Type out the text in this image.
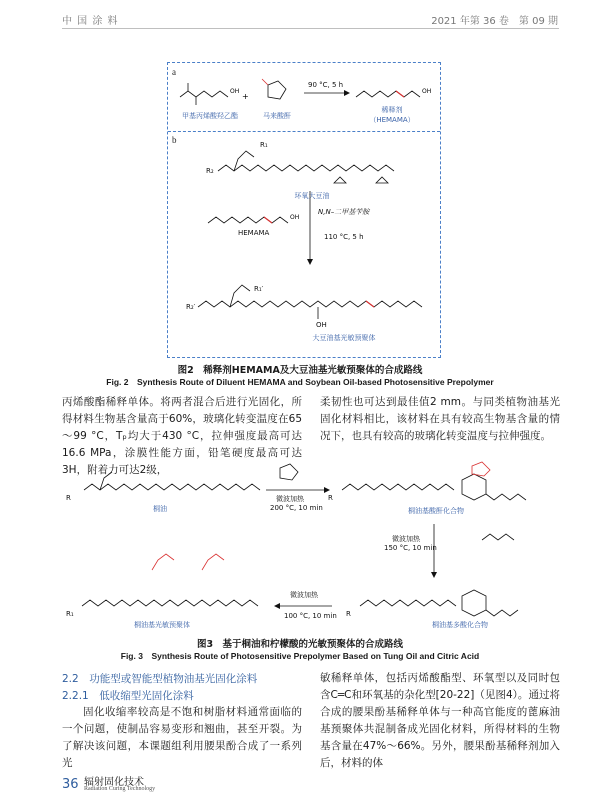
中 国 涂 料	2021 年第 36 卷　第 09 期
a
b
OH
+
OH
甲基丙烯酸羟乙酯	马来酸酐
90 °C, 5 h
稀释剂
（HEMAMA）
OH
R₁
R₂
环氧大豆油
HEMAMA
N,N–二甲基苄胺
110 °C, 5 h
R₁′
R₂′
OH
大豆油基光敏预聚体
图2　稀释剂HEMAMA及大豆油基光敏预聚体的合成路线
Fig. 2　Synthesis Route of Diluent HEMAMA and Soybean Oil-based Photosensitive Prepolymer

丙烯酸酯稀释单体。将两者混合后进行光固化，所得材料生物基含量高于60%，玻璃化转变温度在65～99 °C，Tₚ均大于430 °C，拉伸强度最高可达16.6 MPa，涂膜性能方面，铅笔硬度最高可达3H，附着力可达2级，

柔韧性也可达到最佳值2 mm。与同类植物油基光固化材料相比，该材料在具有较高生物基含量的情况下，也具有较高的玻璃化转变温度与拉伸强度。

R
桐油
微波加热
200 °C, 10 min
R
桐油基酸酐化合物
微波加热
150 °C, 10 min
R
桐油基多酸化合物
微波加热
100 °C, 10 min
R₁
桐油基光敏预聚体
图3　基于桐油和柠檬酸的光敏预聚体的合成路线
Fig. 3　Synthesis Route of Photosensitive Prepolymer Based on Tung Oil and Citric Acid
2.2　功能型或智能型植物油基光固化涂料
2.2.1　低收缩型光固化涂料

固化收缩率较高是不饱和树脂材料通常面临的一个问题，使制品容易变形和翘曲，甚至开裂。为了解决该问题，本课题组利用腰果酚合成了一系列光

敏稀释单体，包括丙烯酸酯型、环氧型以及同时包含C═C和环氧基的杂化型[20-22]（见图4）。通过将合成的腰果酚基稀释单体与一种高官能度的蓖麻油基预聚体共混制备成光固化材料，所得材料的生物基含量在47%～66%。另外，腰果酚基稀释剂加入后，材料的体

36 辐射固化技术
Radiation Curing Technology
